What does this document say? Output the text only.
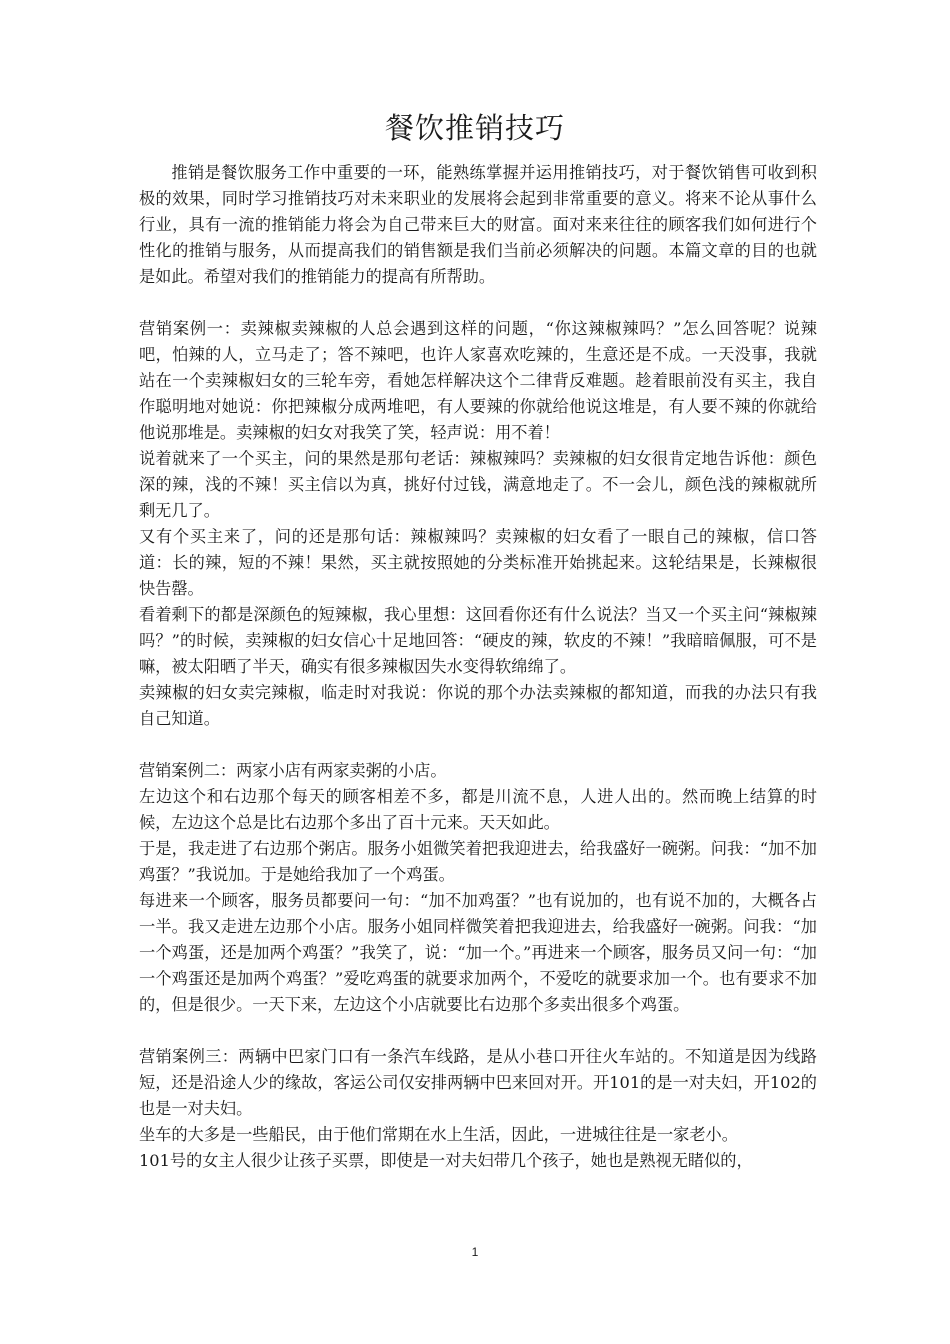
餐饮推销技巧

推销是餐饮服务工作中重要的一环，能熟练掌握并运用推销技巧，对于餐饮销售可收到积极的效果，同时学习推销技巧对未来职业的发展将会起到非常重要的意义。将来不论从事什么行业，具有一流的推销能力将会为自己带来巨大的财富。面对来来往往的顾客我们如何进行个性化的推销与服务，从而提高我们的销售额是我们当前必须解决的问题。本篇文章的目的也就是如此。希望对我们的推销能力的提高有所帮助。

营销案例一：卖辣椒卖辣椒的人总会遇到这样的问题，“你这辣椒辣吗？”怎么回答呢？说辣吧，怕辣的人，立马走了；答不辣吧，也许人家喜欢吃辣的，生意还是不成。一天没事，我就站在一个卖辣椒妇女的三轮车旁，看她怎样解决这个二律背反难题。趁着眼前没有买主，我自作聪明地对她说：你把辣椒分成两堆吧，有人要辣的你就给他说这堆是，有人要不辣的你就给他说那堆是。卖辣椒的妇女对我笑了笑，轻声说：用不着！

说着就来了一个买主，问的果然是那句老话：辣椒辣吗？卖辣椒的妇女很肯定地告诉他：颜色深的辣，浅的不辣！买主信以为真，挑好付过钱，满意地走了。不一会儿，颜色浅的辣椒就所剩无几了。

又有个买主来了，问的还是那句话：辣椒辣吗？卖辣椒的妇女看了一眼自己的辣椒，信口答道：长的辣，短的不辣！果然，买主就按照她的分类标准开始挑起来。这轮结果是，长辣椒很快告罄。

看着剩下的都是深颜色的短辣椒，我心里想：这回看你还有什么说法？当又一个买主问“辣椒辣吗？”的时候，卖辣椒的妇女信心十足地回答：“硬皮的辣，软皮的不辣！”我暗暗佩服，可不是嘛，被太阳晒了半天，确实有很多辣椒因失水变得软绵绵了。

卖辣椒的妇女卖完辣椒，临走时对我说：你说的那个办法卖辣椒的都知道，而我的办法只有我自己知道。

营销案例二：两家小店有两家卖粥的小店。

左边这个和右边那个每天的顾客相差不多，都是川流不息，人进人出的。然而晚上结算的时候，左边这个总是比右边那个多出了百十元来。天天如此。

于是，我走进了右边那个粥店。服务小姐微笑着把我迎进去，给我盛好一碗粥。问我：“加不加鸡蛋？”我说加。于是她给我加了一个鸡蛋。

每进来一个顾客，服务员都要问一句：“加不加鸡蛋？”也有说加的，也有说不加的，大概各占一半。我又走进左边那个小店。服务小姐同样微笑着把我迎进去，给我盛好一碗粥。问我：“加一个鸡蛋，还是加两个鸡蛋？”我笑了，说：“加一个。”再进来一个顾客，服务员又问一句：“加一个鸡蛋还是加两个鸡蛋？”爱吃鸡蛋的就要求加两个，不爱吃的就要求加一个。也有要求不加的，但是很少。一天下来，左边这个小店就要比右边那个多卖出很多个鸡蛋。

营销案例三：两辆中巴家门口有一条汽车线路，是从小巷口开往火车站的。不知道是因为线路短，还是沿途人少的缘故，客运公司仅安排两辆中巴来回对开。开101的是一对夫妇，开102的也是一对夫妇。

坐车的大多是一些船民，由于他们常期在水上生活，因此，一进城往往是一家老小。

101号的女主人很少让孩子买票，即使是一对夫妇带几个孩子，她也是熟视无睹似的，

1
